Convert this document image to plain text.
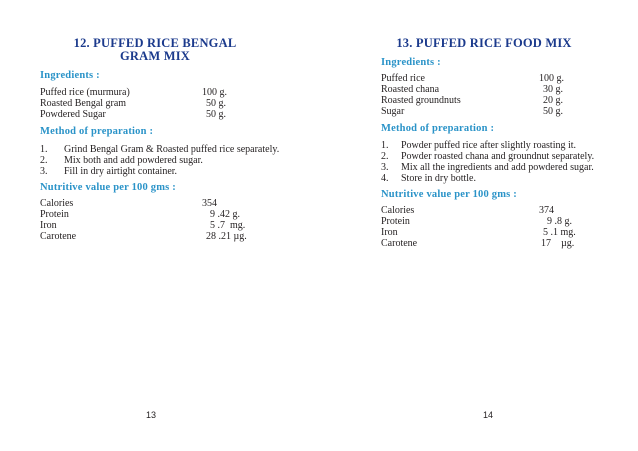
12. PUFFED RICE BENGAL
GRAM MIX
Ingredients :
Puffed rice (murmura)	100 g.
Roasted Bengal gram	50 g.
Powdered Sugar	50 g.
Method of preparation :
1. Grind Bengal Gram & Roasted puffed rice separately.
2. Mix both and add powdered sugar.
3. Fill in dry airtight container.
Nutritive value per 100 gms :
Calories	354
Protein	9 .42 g.
Iron	5 .7  mg.
Carotene	28 .21 µg.
13
13. PUFFED RICE FOOD MIX
Ingredients :
Puffed rice	100 g.
Roasted chana	30 g.
Roasted groundnuts	20 g.
Sugar	50 g.
Method of preparation :
1. Powder puffed rice after slightly roasting it.
2. Powder roasted chana and groundnut separately.
3. Mix all the ingredients and add powdered sugar.
4. Store in dry bottle.
Nutritive value per 100 gms :
Calories	374
Protein	9 .8 g.
Iron	5 .1 mg.
Carotene	17    µg.
14
